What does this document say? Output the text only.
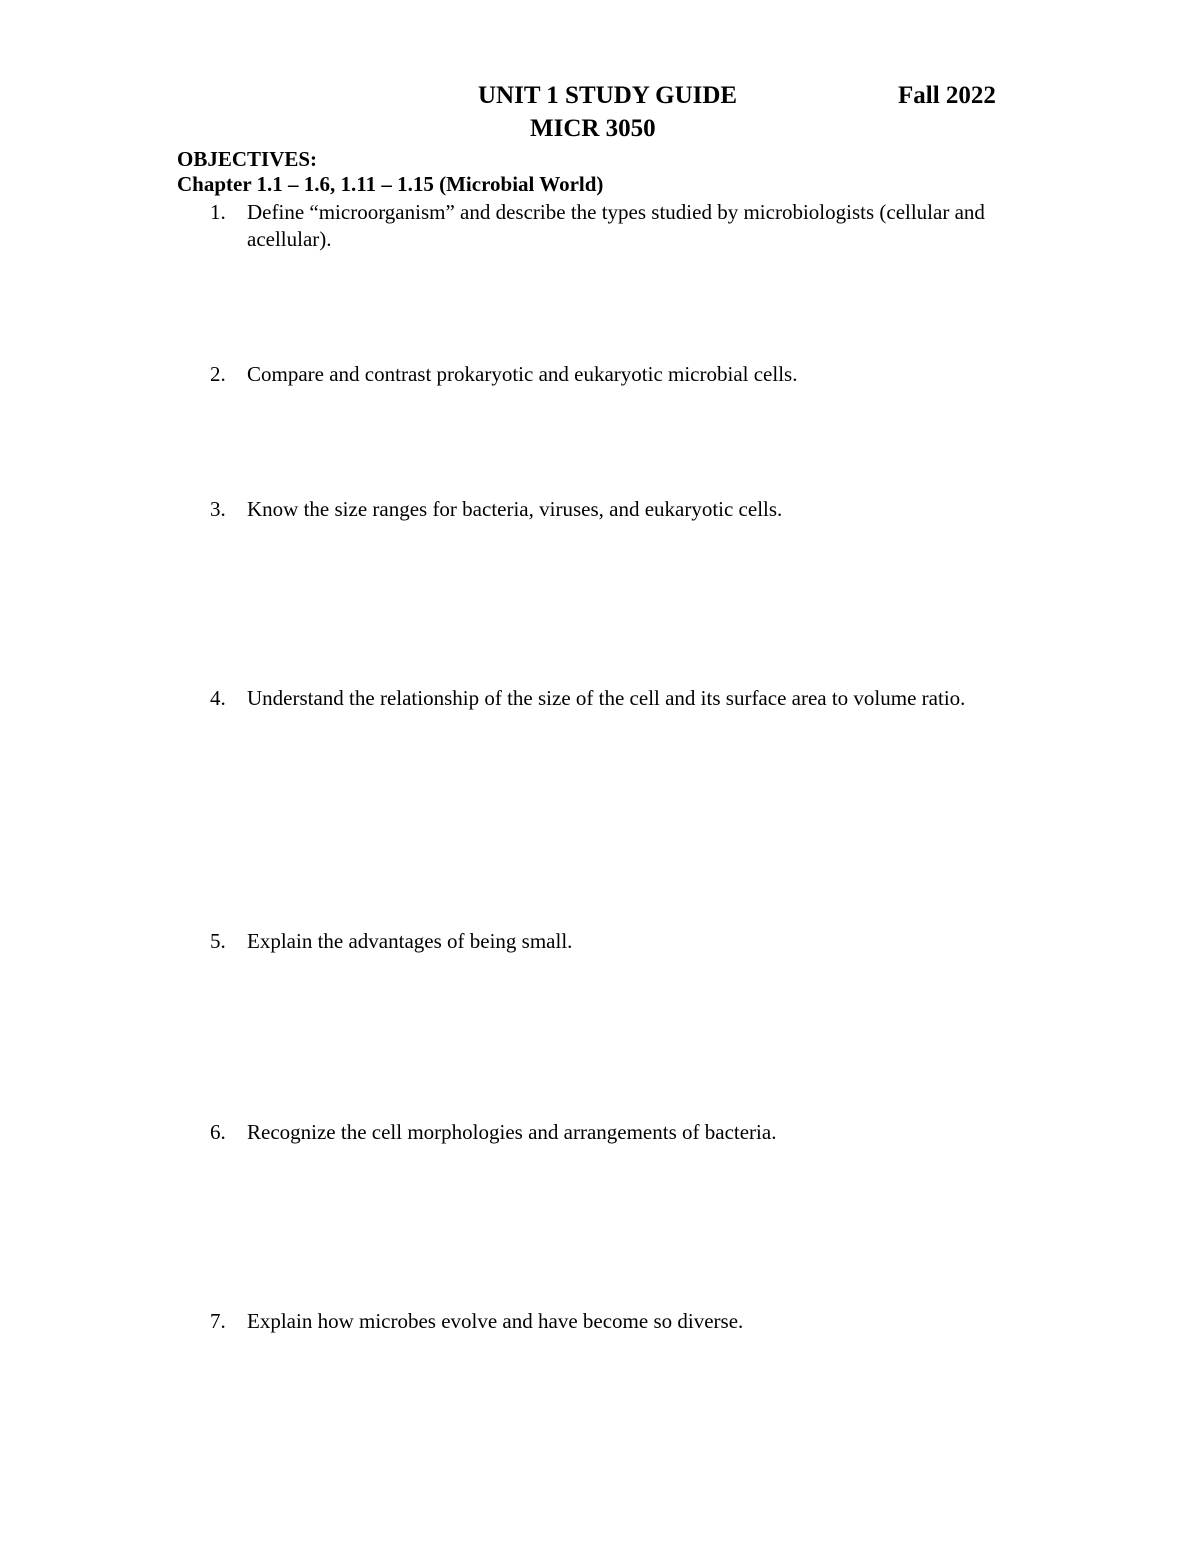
UNIT 1 STUDY GUIDE	Fall 2022
MICR 3050
OBJECTIVES:
Chapter 1.1 – 1.6, 1.11 – 1.15 (Microbial World)
1.	Define “microorganism” and describe the types studied by microbiologists (cellular and acellular).
2.	Compare and contrast prokaryotic and eukaryotic microbial cells.
3.	Know the size ranges for bacteria, viruses, and eukaryotic cells.
4.	Understand the relationship of the size of the cell and its surface area to volume ratio.
5.	Explain the advantages of being small.
6.	Recognize the cell morphologies and arrangements of bacteria.
7.	Explain how microbes evolve and have become so diverse.
